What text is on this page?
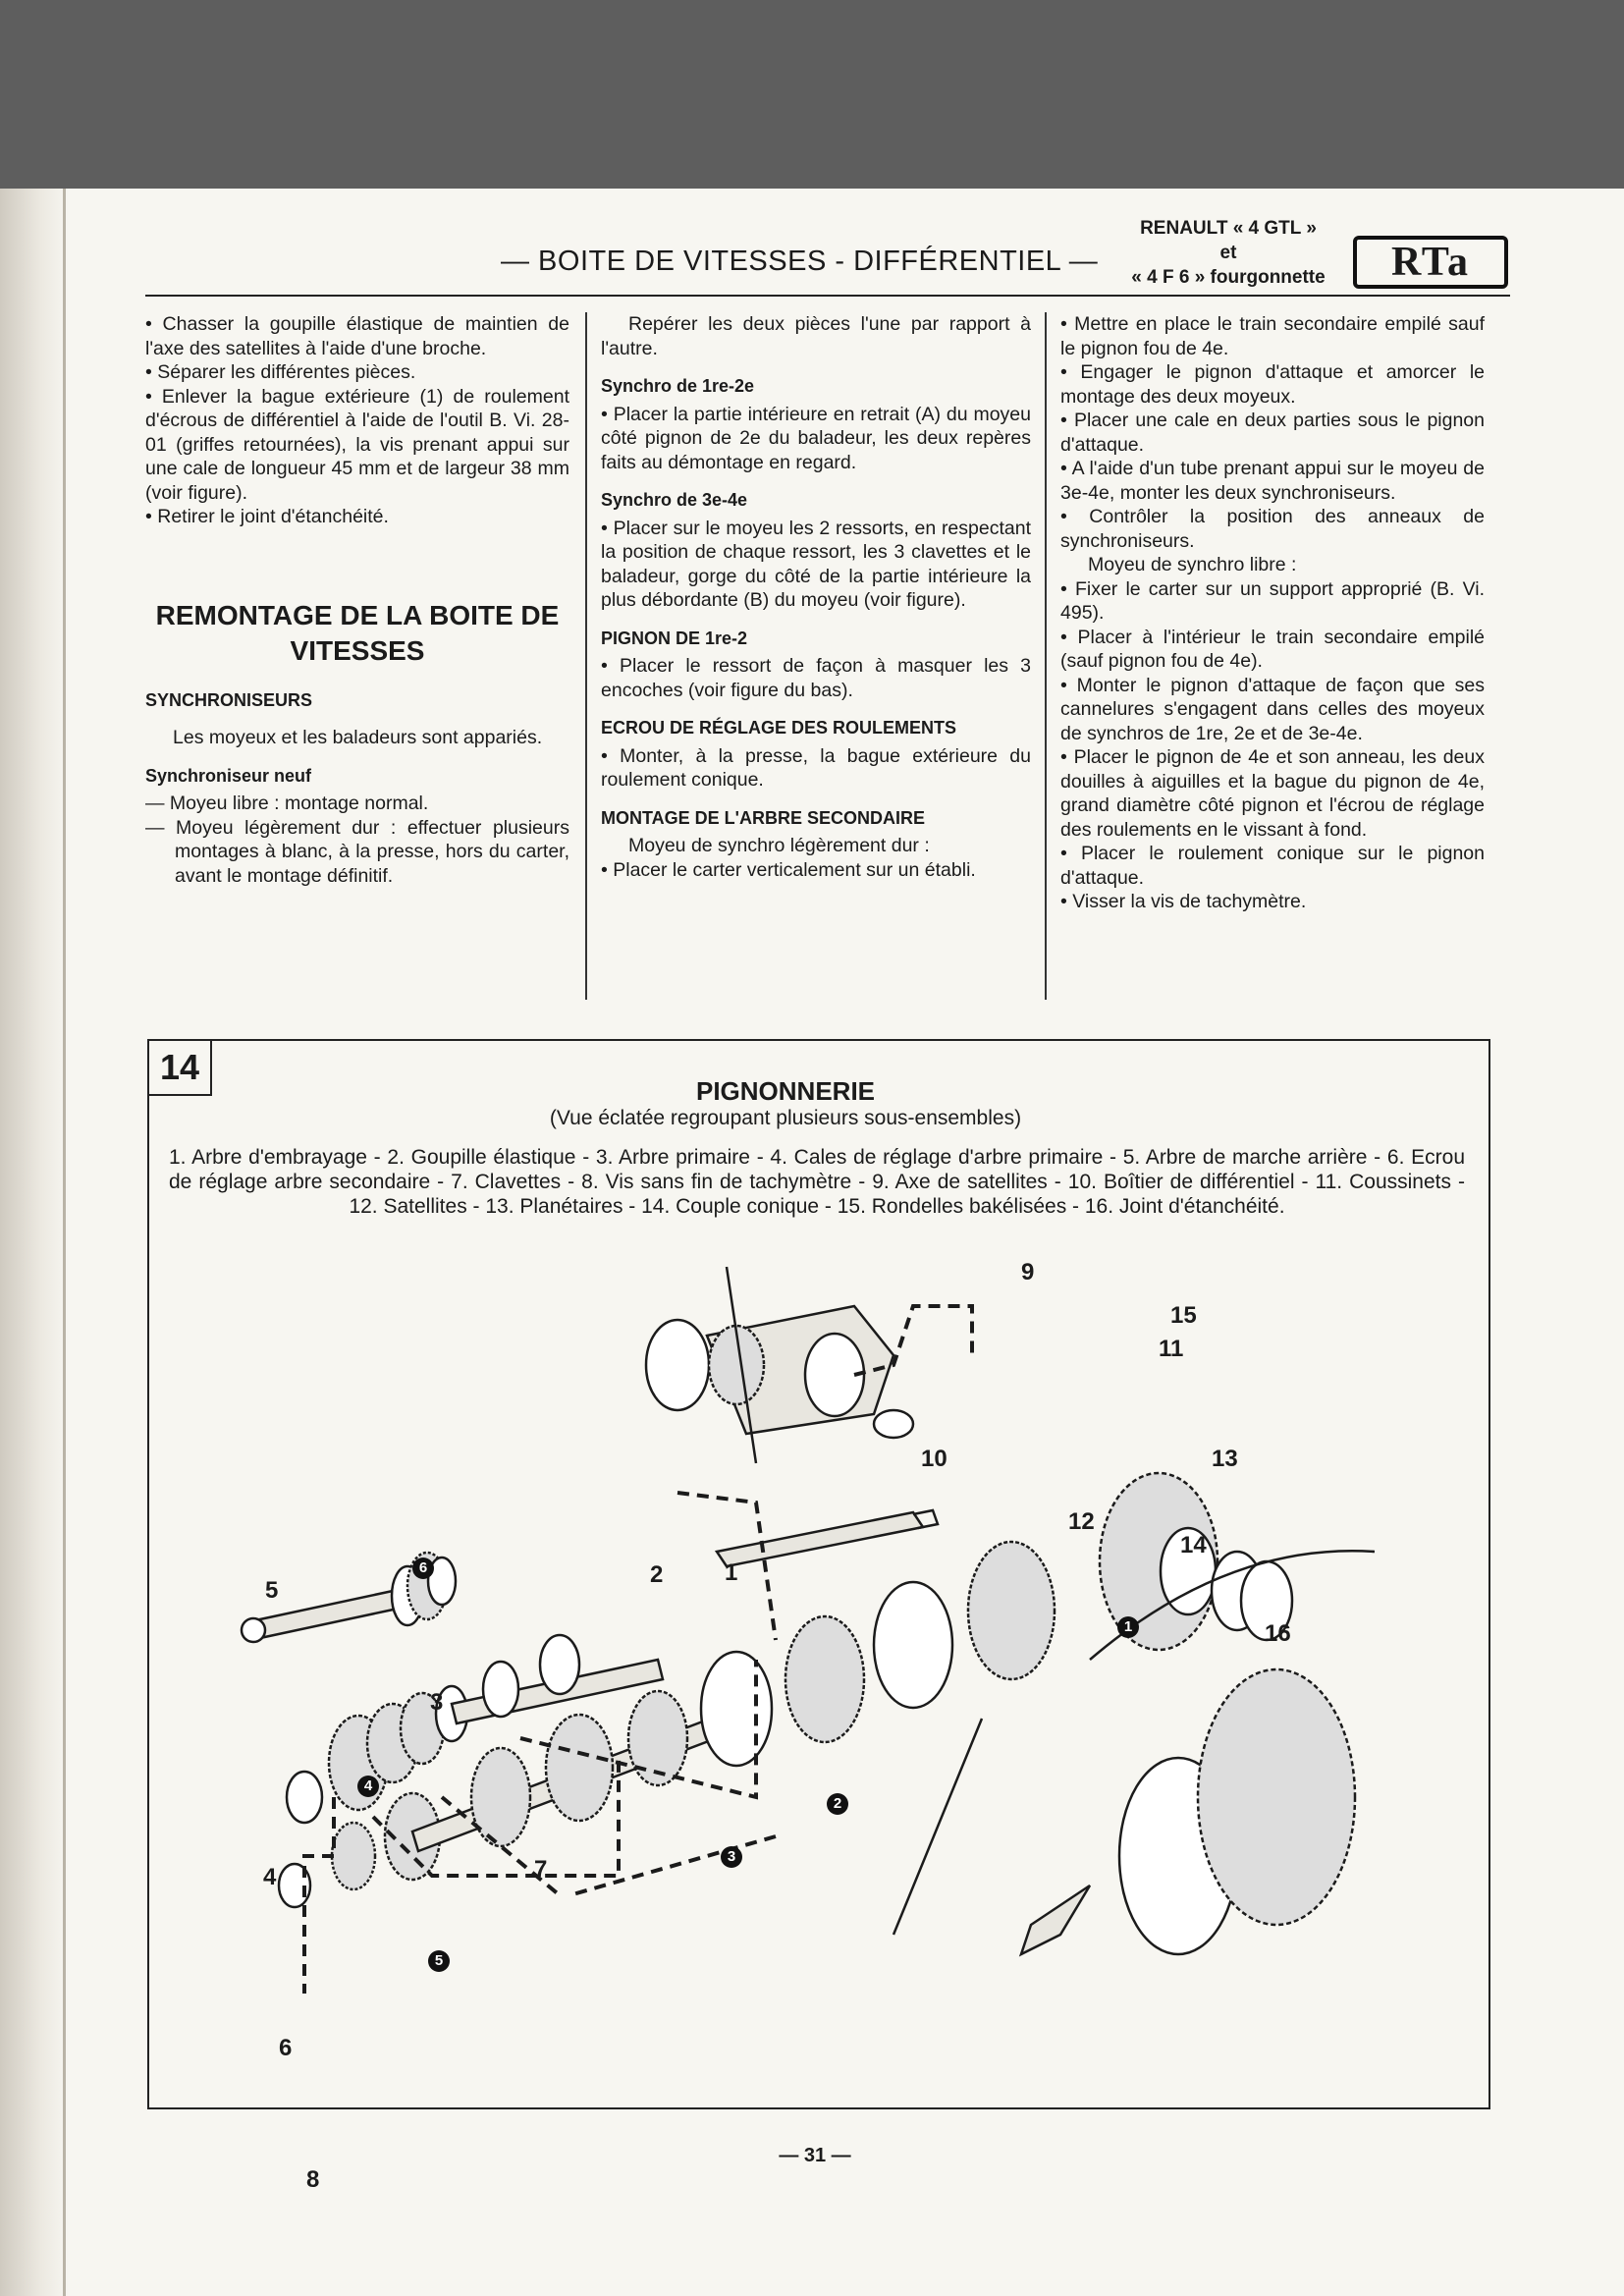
— BOITE DE VITESSES - DIFFÉRENTIEL —
RENAULT « 4 GTL »
et
« 4 F 6 » fourgonnette	RTa

• Chasser la goupille élastique de maintien de l'axe des satellites à l'aide d'une broche.

• Séparer les différentes pièces.

• Enlever la bague extérieure (1) de roulement d'écrous de différentiel à l'aide de l'outil B. Vi. 28-01 (griffes retournées), la vis prenant appui sur une cale de longueur 45 mm et de largeur 38 mm (voir figure).

• Retirer le joint d'étanchéité.

REMONTAGE DE LA BOITE DE VITESSES

SYNCHRONISEURS

Les moyeux et les baladeurs sont appariés.

Synchroniseur neuf

— Moyeu libre : montage normal.

— Moyeu légèrement dur : effectuer plusieurs montages à blanc, à la presse, hors du carter, avant le montage définitif.

Repérer les deux pièces l'une par rapport à l'autre.

Synchro de 1re-2e

• Placer la partie intérieure en retrait (A) du moyeu côté pignon de 2e du baladeur, les deux repères faits au démontage en regard.

Synchro de 3e-4e

• Placer sur le moyeu les 2 ressorts, en respectant la position de chaque ressort, les 3 clavettes et le baladeur, gorge du côté de la partie intérieure la plus débordante (B) du moyeu (voir figure).

PIGNON DE 1re-2

• Placer le ressort de façon à masquer les 3 encoches (voir figure du bas).

ECROU DE RÉGLAGE DES ROULEMENTS

• Monter, à la presse, la bague extérieure du roulement conique.

MONTAGE DE L'ARBRE SECONDAIRE

Moyeu de synchro légèrement dur :

• Placer le carter verticalement sur un établi.

• Mettre en place le train secondaire empilé sauf le pignon fou de 4e.

• Engager le pignon d'attaque et amorcer le montage des deux moyeux.

• Placer une cale en deux parties sous le pignon d'attaque.

• A l'aide d'un tube prenant appui sur le moyeu de 3e-4e, monter les deux synchroniseurs.

• Contrôler la position des anneaux de synchroniseurs.

Moyeu de synchro libre :

• Fixer le carter sur un support approprié (B. Vi. 495).

• Placer à l'intérieur le train secondaire empilé (sauf pignon fou de 4e).

• Monter le pignon d'attaque de façon que ses cannelures s'engagent dans celles des moyeux de synchros de 1re, 2e et de 3e-4e.

• Placer le pignon de 4e et son anneau, les deux douilles à aiguilles et la bague du pignon de 4e, grand diamètre côté pignon et l'écrou de réglage des roulements en le vissant à fond.

• Placer le roulement conique sur le pignon d'attaque.

• Visser la vis de tachymètre.

14
PIGNONNERIE
(Vue éclatée regroupant plusieurs sous-ensembles)
1. Arbre d'embrayage - 2. Goupille élastique - 3. Arbre primaire - 4. Cales de réglage d'arbre primaire - 5. Arbre de marche arrière - 6. Ecrou de réglage arbre secondaire - 7. Clavettes - 8. Vis sans fin de tachymètre - 9. Axe de satellites - 10. Boîtier de différentiel - 11. Coussinets - 12. Satellites - 13. Planétaires - 14. Couple conique - 15. Rondelles bakélisées - 16. Joint d'étanchéité.
16
1
2
3
4
5
6
7
8
9
10
11
12
13
14
15
1
2
3
4
5
6
— 31 —
